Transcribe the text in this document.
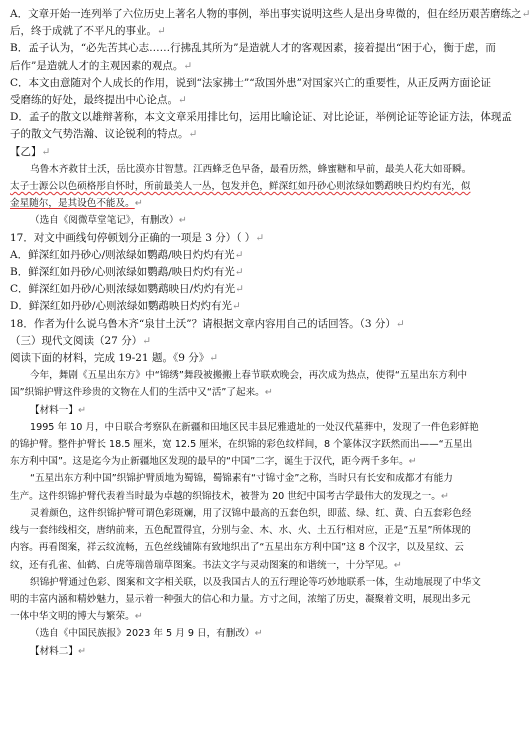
A．文章开始一连列举了六位历史上著名人物的事例，举出事实说明这些人是出身卑微的，但在经历艰苦磨练之↵
后，终于成就了不平凡的事业。↵
B．孟子认为，“必先苦其心志……行拂乱其所为”是造就人才的客观因素，接着提出“困于心，衡于虑，而
后作”是造就人才的主观因素的观点。↵
C．本文由意随对个人成长的作用，说到“法家拂士”“敌国外患”对国家兴亡的重要性，从正反两方面论证
受磨练的好处，最终提出中心论点。↵
D．孟子的散文以雄辩著称，本文文章采用排比句，运用比喻论证、对比论证，举例论证等论证方法，体现孟
子的散文气势浩瀚、议论锐利的特点。↵
【乙】↵
乌鲁木齐救甘土沃，岳比漠亦甘智慧。江西蜂乏色早备，最看历然，蜂蜜糖和早前，最美人花大如哥瞬。
太子士源公以色硕格彤自怀时，所前最美人一丛，包发并色，鲜深红如丹砂心则浓绿如鹦鹉映日灼灼有光，似
金星随尔，是其设色不能及。↵
（选自《阅微草堂笔记》，有删改）↵
17．对文中画线句停顿划分正确的一项是 3 分）（ ）↵
A．鲜深红如丹砂心/则浓绿如鹦鹉/映日灼灼有光↵
B．鲜深红如丹砂/心则浓绿如鹦鹉/映日灼灼有光↵
C．鲜深红如丹砂/心则浓绿如鹦鹉映日/灼灼有光↵
D．鲜深红如丹砂/心则浓绿如鹦鹉映日灼灼有光↵
18．作者为什么说乌鲁木齐“泉甘土沃”？请根据文章内容用自己的话回答。（3 分）↵
（三）现代文阅读（27 分）↵
阅读下面的材料，完成 19-21 题。《9 分》↵
今年，舞剧《五星出东方》中“锦绣”舞段被搬搬上春节联欢晚会，再次成为热点，使得“五星出东方利中
国”织锦护臂这件珍贵的文物在人们的生活中又“活”了起来。↵
【材料一】↵
1995 年 10 月，中日联合考察队在新疆和田地区民丰县尼雅遗址的一处汉代墓葬中，发现了一件色彩鲜艳
的锦护臂。整件护臂长 18.5 厘米，宽 12.5 厘米，在织锦的彩色纹样间，8 个篆体汉字跃然而出——“五星出
东方利中国”。这是迄今为止新疆地区发现的最早的“中国”二字，诞生于汉代，距今两千多年。↵
“五星出东方利中国”织锦护臂质地为蜀锦，蜀锦素有“寸锦寸金”之称，当时只有长安和成都才有能力
生产。这件织锦护臂代表着当时最为卓越的织锦技术，被誉为 20 世纪中国考古学最伟大的发现之一。↵
灵着颜色，这件织锦护臂可谓色彩斑斓，用了汉锦中最高的五套色织，即蓝、绿、红、黄、白五套彩色经
线与一套纬线相交，唐纳前来，五色配置得宜，分别与金、木、水、火、土五行相对应，正是“五星”所体现的
内容。再看图案，祥云纹流畅，五色丝线铺陈有致地织出了“五星出东方利中国”这 8 个汉字，以及星纹、云
纹，还有孔雀、仙鹤、白虎等瑞兽瑞草图案。书法文字与灵动图案的和谐统一，十分罕见。↵
织锦护臂通过色彩、图案和文字相关联，以及我国古人的五行理论等巧妙地联系一体，生动地展现了中华文
明的丰富内涵和精妙魅力，显示着一种强大的信心和力量。方寸之间，浓缩了历史，凝聚着文明，展现出多元
一体中华文明的博大与繁荣。↵
（选自《中国民族报》2023 年 5 月 9 日，有删改）↵
【材料二】↵
